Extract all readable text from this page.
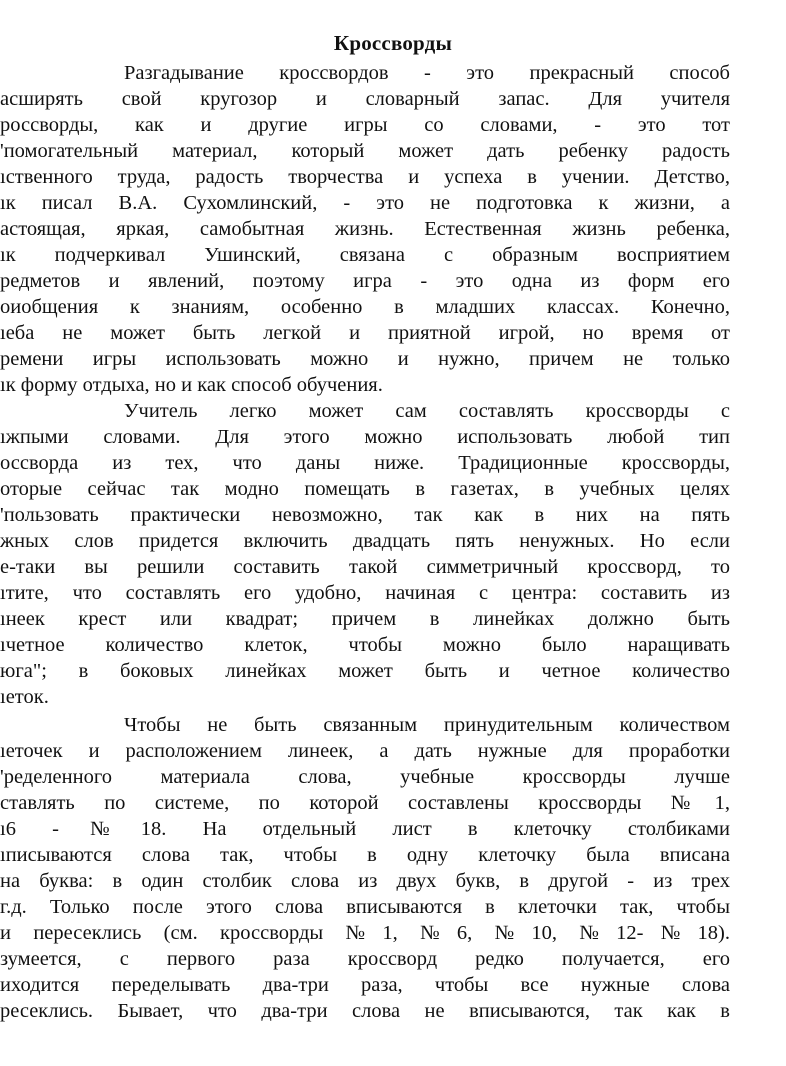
Кроссворды
Разгадывание кроссвордов - это прекрасный способ
асширять свой кругозор и словарный запас. Для учителя
россворды, как и другие игры со словами, - это тот
'помогательный материал, который может дать ребенку радость
ıственного труда, радость творчества и успеха в учении. Детство,
ıк писал В.А. Сухомлинский, - это не подготовка к жизни, а
астоящая, яркая, самобытная жизнь. Естественная жизнь ребенка,
ıк подчеркивал Ушинский, связана с образным восприятием
редметов и явлений, поэтому игра - это одна из форм его
оиобщения к знаниям, особенно в младших классах. Конечно,
ıеба не может быть легкой и приятной игрой, но время от
ремени игры использовать можно и нужно, причем не только
ıк форму отдыха, но и как способ обучения.
Учитель легко может сам составлять кроссворды с
ıжпыми словами. Для этого можно использовать любой тип
оссворда из тех, что даны ниже. Традиционные кроссворды,
оторые сейчас так модно помещать в газетах, в учебных целях
'пользовать практически невозможно, так как в них на пять
жных слов придется включить двадцать пять ненужных. Но если
е-таки вы решили составить такой симметричный кроссворд, то
ıтите, что составлять его удобно, начиная с центра: составить из
ıнеек крест или квадрат; причем в линейках должно быть
ıчетное количество клеток, чтобы можно было наращивать
юга"; в боковых линейках может быть и четное количество
ıеток.
Чтобы не быть связанным принудительным количеством
ıеточек и расположением линеек, а дать нужные для проработки
'ределенного материала слова, учебные кроссворды лучше
ставлять по системе, по которой составлены кроссворды №1,
ı6 -№18. На отдельный лист в клеточку столбиками
ıписываются слова так, чтобы в одну клеточку была вписана
на буква: в один столбик слова из двух букв, в другой - из трех
г.д. Только после этого слова вписываются в клеточки так, чтобы
и пересеклись (см. кроссворды №1, №6, №10, №12-№18).
зумеется, с первого раза кроссворд редко получается, его
иходится переделывать два-три раза, чтобы все нужные слова
ресеклись. Бывает, что два-три слова не вписываются, так как в
